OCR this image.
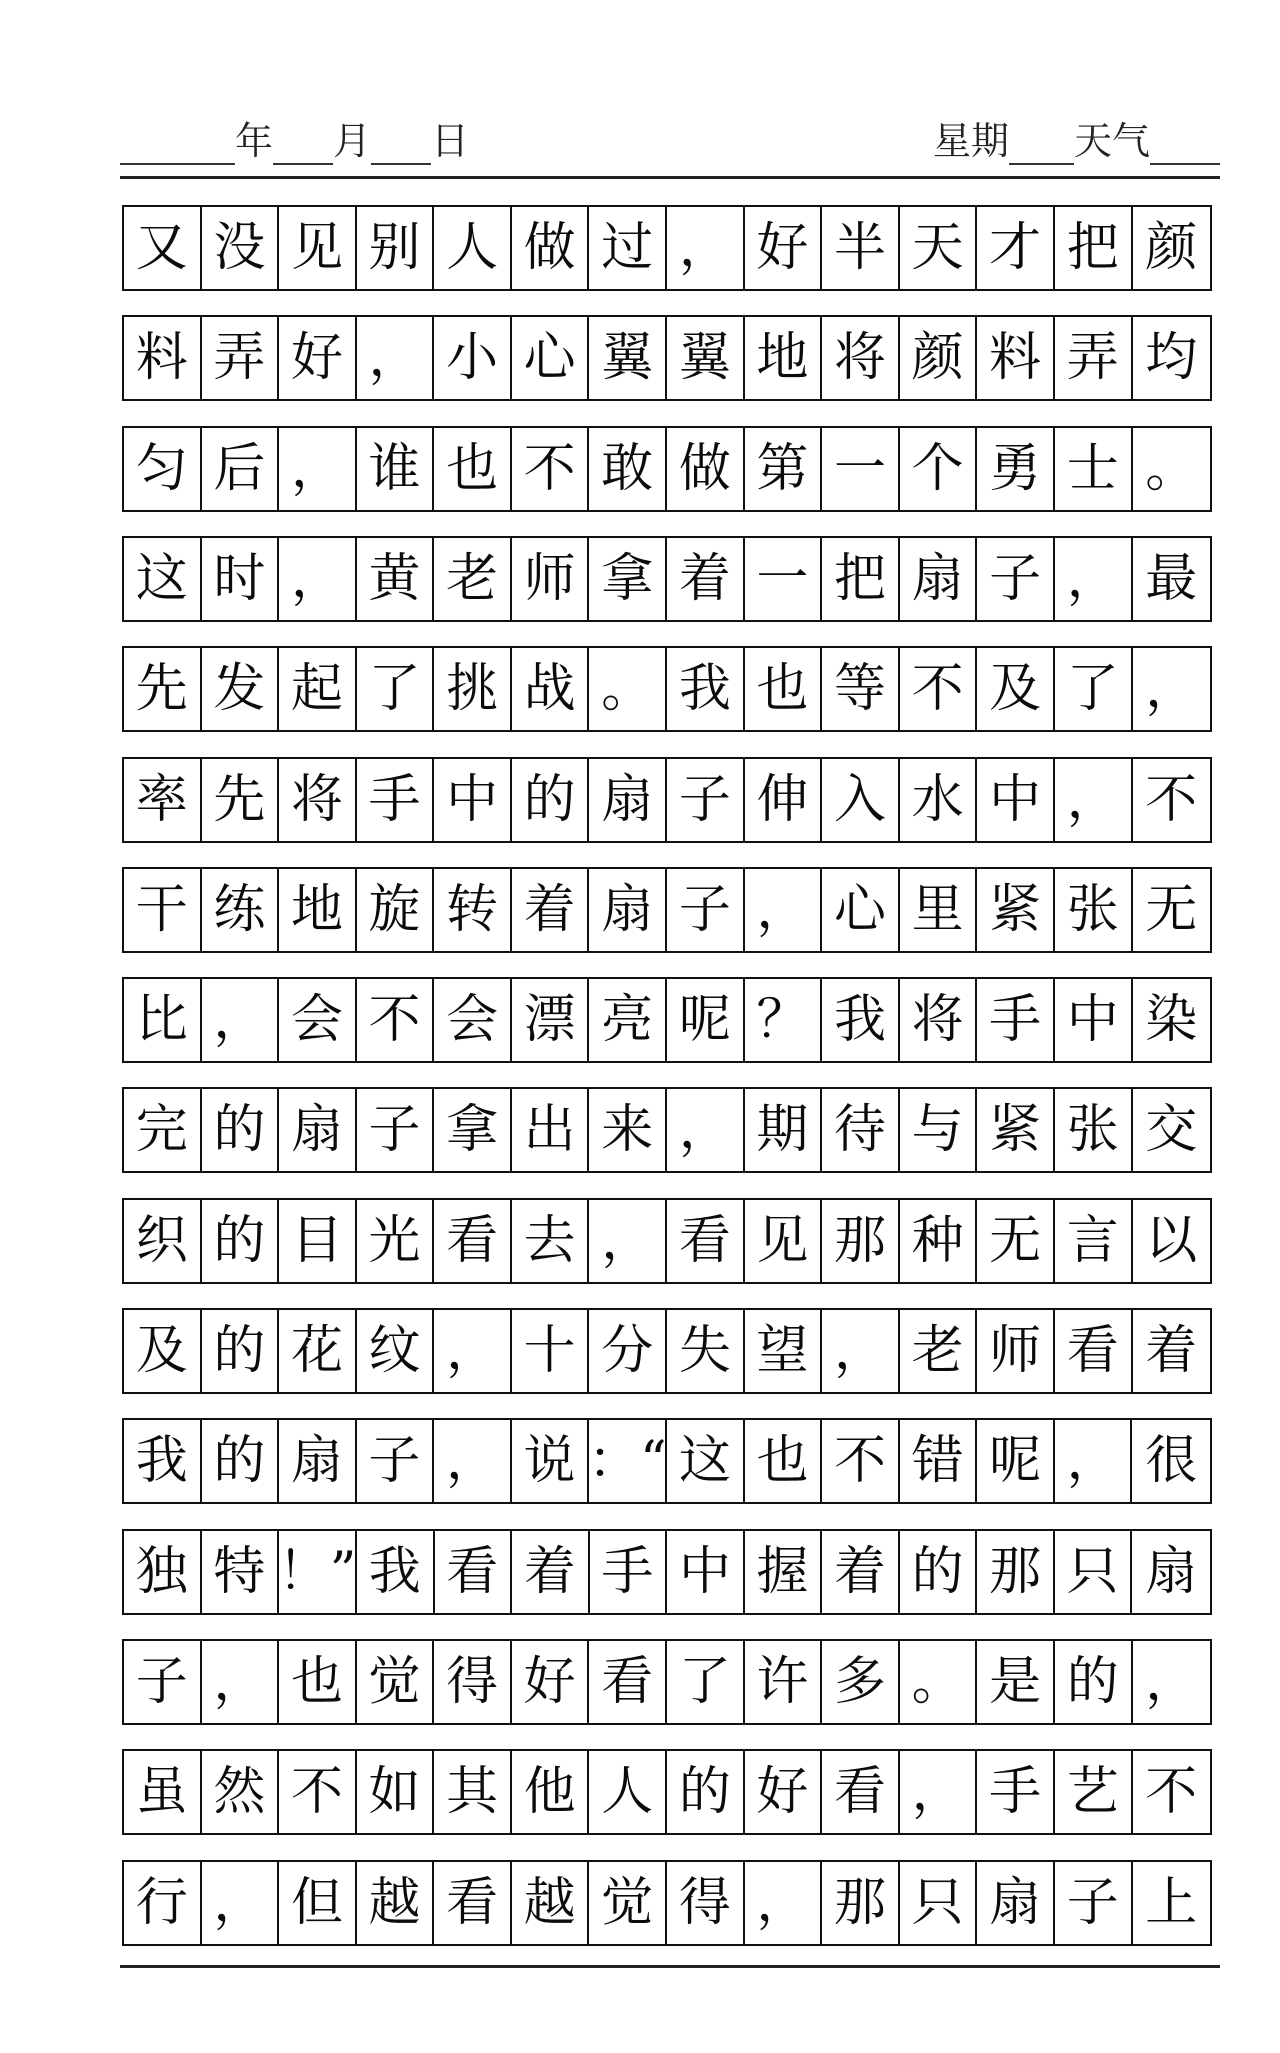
年 月 日	星期 天气
又 没 见 别 人 做 过 ， 好 半 天 才 把 颜
料 弄 好 ， 小 心 翼 翼 地 将 颜 料 弄 均
匀 后 ， 谁 也 不 敢 做 第 一 个 勇 士 。
这 时 ， 黄 老 师 拿 着 一 把 扇 子 ， 最
先 发 起 了 挑 战 。 我 也 等 不 及 了 ，
率 先 将 手 中 的 扇 子 伸 入 水 中 ， 不
干 练 地 旋 转 着 扇 子 ， 心 里 紧 张 无
比 ， 会 不 会 漂 亮 呢 ？ 我 将 手 中 染
完 的 扇 子 拿 出 来 ， 期 待 与 紧 张 交
织 的 目 光 看 去 ， 看 见 那 种 无 言 以
及 的 花 纹 ， 十 分 失 望 ， 老 师 看 着
我 的 扇 子 ， 说 ：“ 这 也 不 错 呢 ， 很
独 特 ！” 我 看 着 手 中 握 着 的 那 只 扇
子 ， 也 觉 得 好 看 了 许 多 。 是 的 ，
虽 然 不 如 其 他 人 的 好 看 ， 手 艺 不
行 ， 但 越 看 越 觉 得 ， 那 只 扇 子 上
